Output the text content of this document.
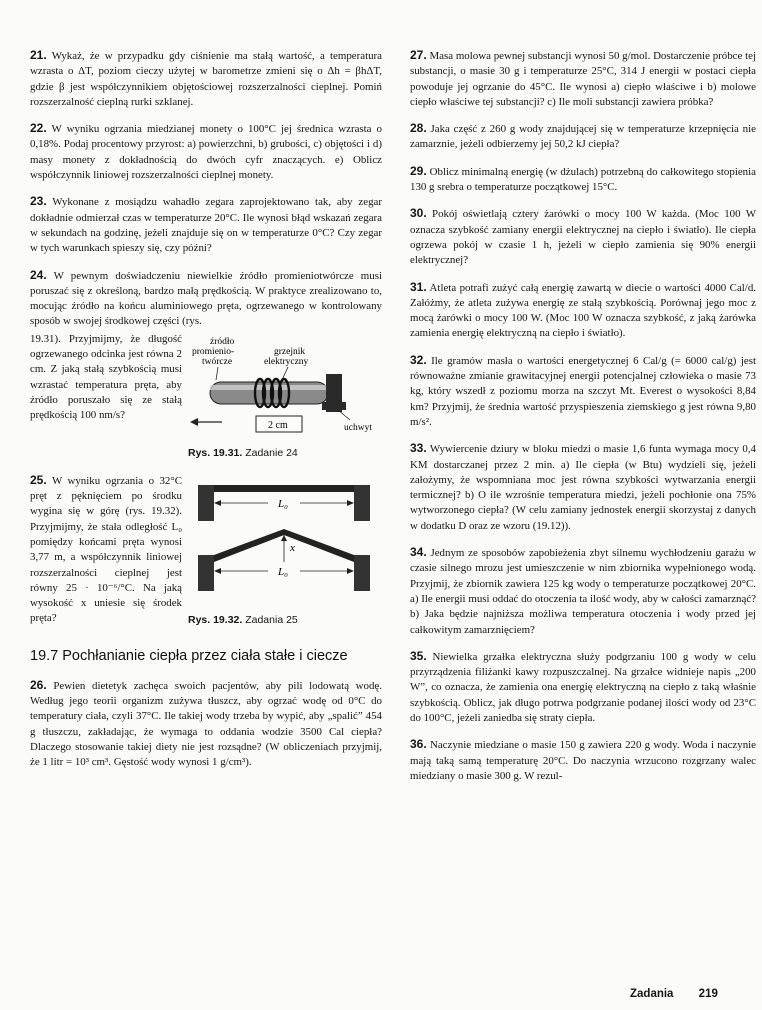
21. Wykaż, że w przypadku gdy ciśnienie ma stałą wartość, a temperatura wzrasta o ΔT, poziom cieczy użytej w barometrze zmieni się o Δh = βhΔT, gdzie β jest współczynnikiem objętościowej rozszerzalności cieplnej. Pomiń rozszerzalność cieplną rurki szklanej.

22. W wyniku ogrzania miedzianej monety o 100°C jej średnica wzrasta o 0,18%. Podaj procentowy przyrost: a) powierzchni, b) grubości, c) objętości i d) masy monety z dokładnością do dwóch cyfr znaczących. e) Oblicz współczynnik liniowej rozszerzalności cieplnej monety.

23. Wykonane z mosiądzu wahadło zegara zaprojektowano tak, aby zegar dokładnie odmierzał czas w temperaturze 20°C. Ile wynosi błąd wskazań zegara w sekundach na godzinę, jeżeli znajduje się on w temperaturze 0°C? Czy zegar w tych warunkach spieszy się, czy późni?

24. W pewnym doświadczeniu niewielkie źródło promieniotwórcze musi poruszać się z określoną, bardzo małą prędkością. W praktyce zrealizowano to, mocując źródło na końcu aluminiowego pręta, ogrzewanego w kontrolowany sposób w swojej środkowej części (rys.

źródło
promienio-
twórcze
grzejnik
elektryczny
uchwyt
2 cm
Rys. 19.31. Zadanie 24

19.31). Przyjmijmy, że długość ogrzewanego odcinka jest równa 2 cm. Z jaką stałą szybkością musi wzrastać temperatura pręta, aby źródło poruszało się ze stałą prędkością 100 nm/s?

L₀
x
L₀
Rys. 19.32. Zadania 25

25. W wyniku ogrzania o 32°C pręt z pęknięciem po środku wygina się w górę (rys. 19.32). Przyjmijmy, że stała odległość L₀ pomiędzy końcami pręta wynosi 3,77 m, a współczynnik liniowej rozszerzalności cieplnej jest równy 25 · 10⁻⁶/°C. Na jaką wysokość x uniesie się środek pręta?

19.7 Pochłanianie ciepła przez ciała stałe i ciecze

26. Pewien dietetyk zachęca swoich pacjentów, aby pili lodowatą wodę. Według jego teorii organizm zużywa tłuszcz, aby ogrzać wodę od 0°C do temperatury ciała, czyli 37°C. Ile takiej wody trzeba by wypić, aby „spalić” 454 g tłuszczu, zakładając, że wymaga to oddania wodzie 3500 Cal ciepła? Dlaczego stosowanie takiej diety nie jest rozsądne? (W obliczeniach przyjmij, że 1 litr = 10³ cm³. Gęstość wody wynosi 1 g/cm³).

27. Masa molowa pewnej substancji wynosi 50 g/mol. Dostarczenie próbce tej substancji, o masie 30 g i temperaturze 25°C, 314 J energii w postaci ciepła powoduje jej ogrzanie do 45°C. Ile wynosi a) ciepło właściwe i b) molowe ciepło właściwe tej substancji? c) Ile moli substancji zawiera próbka?

28. Jaka część z 260 g wody znajdującej się w temperaturze krzepnięcia nie zamarznie, jeżeli odbierzemy jej 50,2 kJ ciepła?

29. Oblicz minimalną energię (w dżulach) potrzebną do całkowitego stopienia 130 g srebra o temperaturze początkowej 15°C.

30. Pokój oświetlają cztery żarówki o mocy 100 W każda. (Moc 100 W oznacza szybkość zamiany energii elektrycznej na ciepło i światło). Ile ciepła ogrzewa pokój w czasie 1 h, jeżeli w ciepło zamienia się 90% energii elektrycznej?

31. Atleta potrafi zużyć całą energię zawartą w diecie o wartości 4000 Cal/d. Załóżmy, że atleta zużywa energię ze stałą szybkością. Porównaj jego moc z mocą żarówki o mocy 100 W. (Moc 100 W oznacza szybkość, z jaką żarówka zamienia energię elektryczną na ciepło i światło).

32. Ile gramów masła o wartości energetycznej 6 Cal/g (= 6000 cal/g) jest równoważne zmianie grawitacyjnej energii potencjalnej człowieka o masie 73 kg, który wszedł z poziomu morza na szczyt Mt. Everest o wysokości 8,84 km? Przyjmij, że średnia wartość przyspieszenia ziemskiego g jest równa 9,80 m/s².

33. Wywiercenie dziury w bloku miedzi o masie 1,6 funta wymaga mocy 0,4 KM dostarczanej przez 2 min. a) Ile ciepła (w Btu) wydzieli się, jeżeli założymy, że wspomniana moc jest równa szybkości wytwarzania energii termicznej? b) O ile wzrośnie temperatura miedzi, jeżeli pochłonie ona 75% wytworzonego ciepła? (W celu zamiany jednostek energii skorzystaj z danych w dodatku D oraz ze wzoru (19.12)).

34. Jednym ze sposobów zapobieżenia zbyt silnemu wychłodzeniu garażu w czasie silnego mrozu jest umieszczenie w nim zbiornika wypełnionego wodą. Przyjmij, że zbiornik zawiera 125 kg wody o temperaturze początkowej 20°C. a) Ile energii musi oddać do otoczenia ta ilość wody, aby w całości zamarznąć? b) Jaka będzie najniższa możliwa temperatura otoczenia i wody przed jej całkowitym zamarznięciem?

35. Niewielka grzałka elektryczna służy podgrzaniu 100 g wody w celu przyrządzenia filiżanki kawy rozpuszczalnej. Na grzałce widnieje napis „200 W”, co oznacza, że zamienia ona energię elektryczną na ciepło z taką właśnie szybkością. Oblicz, jak długo potrwa podgrzanie podanej ilości wody od 23°C do 100°C, jeżeli zaniedba się straty ciepła.

36. Naczynie miedziane o masie 150 g zawiera 220 g wody. Woda i naczynie mają taką samą temperaturę 20°C. Do naczynia wrzucono rozgrzany walec miedziany o masie 300 g. W rezul-

Zadania 219
